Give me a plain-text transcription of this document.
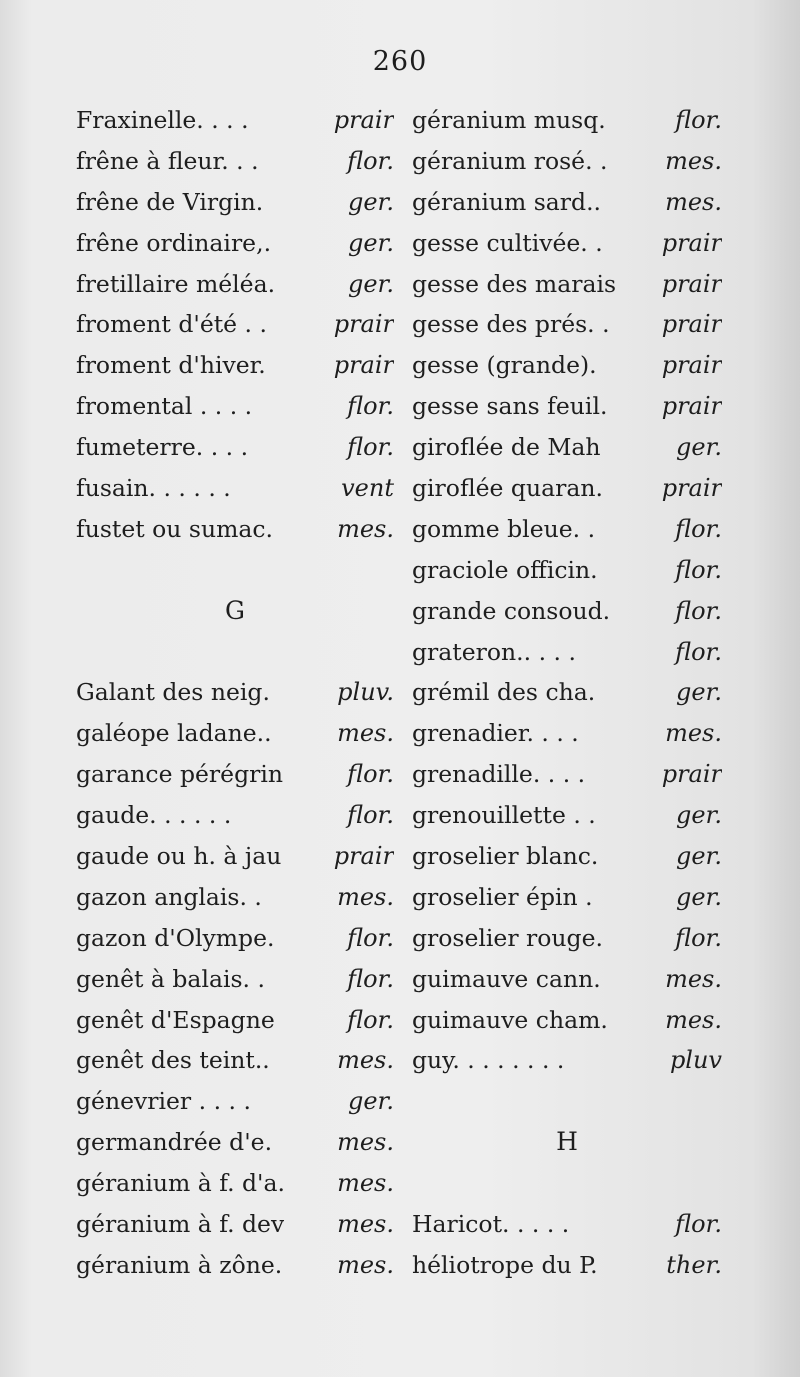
260
Fraxinelle. . . .	prair
frêne à fleur. . .	flor.
frêne de Virgin.	ger.
frêne ordinaire,.	ger.
fretillaire méléa.	ger.
froment d'été . .	prair
froment d'hiver.	prair
fromental . . . .	flor.
fumeterre. . . .	flor.
fusain. . . . . .	vent
fustet ou sumac.	mes.
G
Galant des neig.	pluv.
galéope ladane..	mes.
garance pérégrin	flor.
gaude. . . . . .	flor.
gaude ou h. à jau	prair
gazon anglais. .	mes.
gazon d'Olympe.	flor.
genêt à balais. .	flor.
genêt d'Espagne	flor.
genêt des teint..	mes.
génevrier . . . .	ger.
germandrée d'e.	mes.
géranium à f. d'a.	mes.
géranium à f. dev	mes.
géranium à zône.	mes.
géranium musq.	flor.
géranium rosé. .	mes.
géranium sard..	mes.
gesse cultivée. .	prair
gesse des marais	prair
gesse des prés. .	prair
gesse (grande).	prair
gesse sans feuil.	prair
giroflée de Mah	ger.
giroflée quaran.	prair
gomme bleue. .	flor.
graciole officin.	flor.
grande consoud.	flor.
grateron.. . . .	flor.
grémil des cha.	ger.
grenadier. . . .	mes.
grenadille. . . .	prair
grenouillette . .	ger.
groselier blanc.	ger.
groselier épin .	ger.
groselier rouge.	flor.
guimauve cann.	mes.
guimauve cham.	mes.
guy. . . . . . . .	pluv
H
Haricot. . . . .	flor.
héliotrope du P.	ther.
